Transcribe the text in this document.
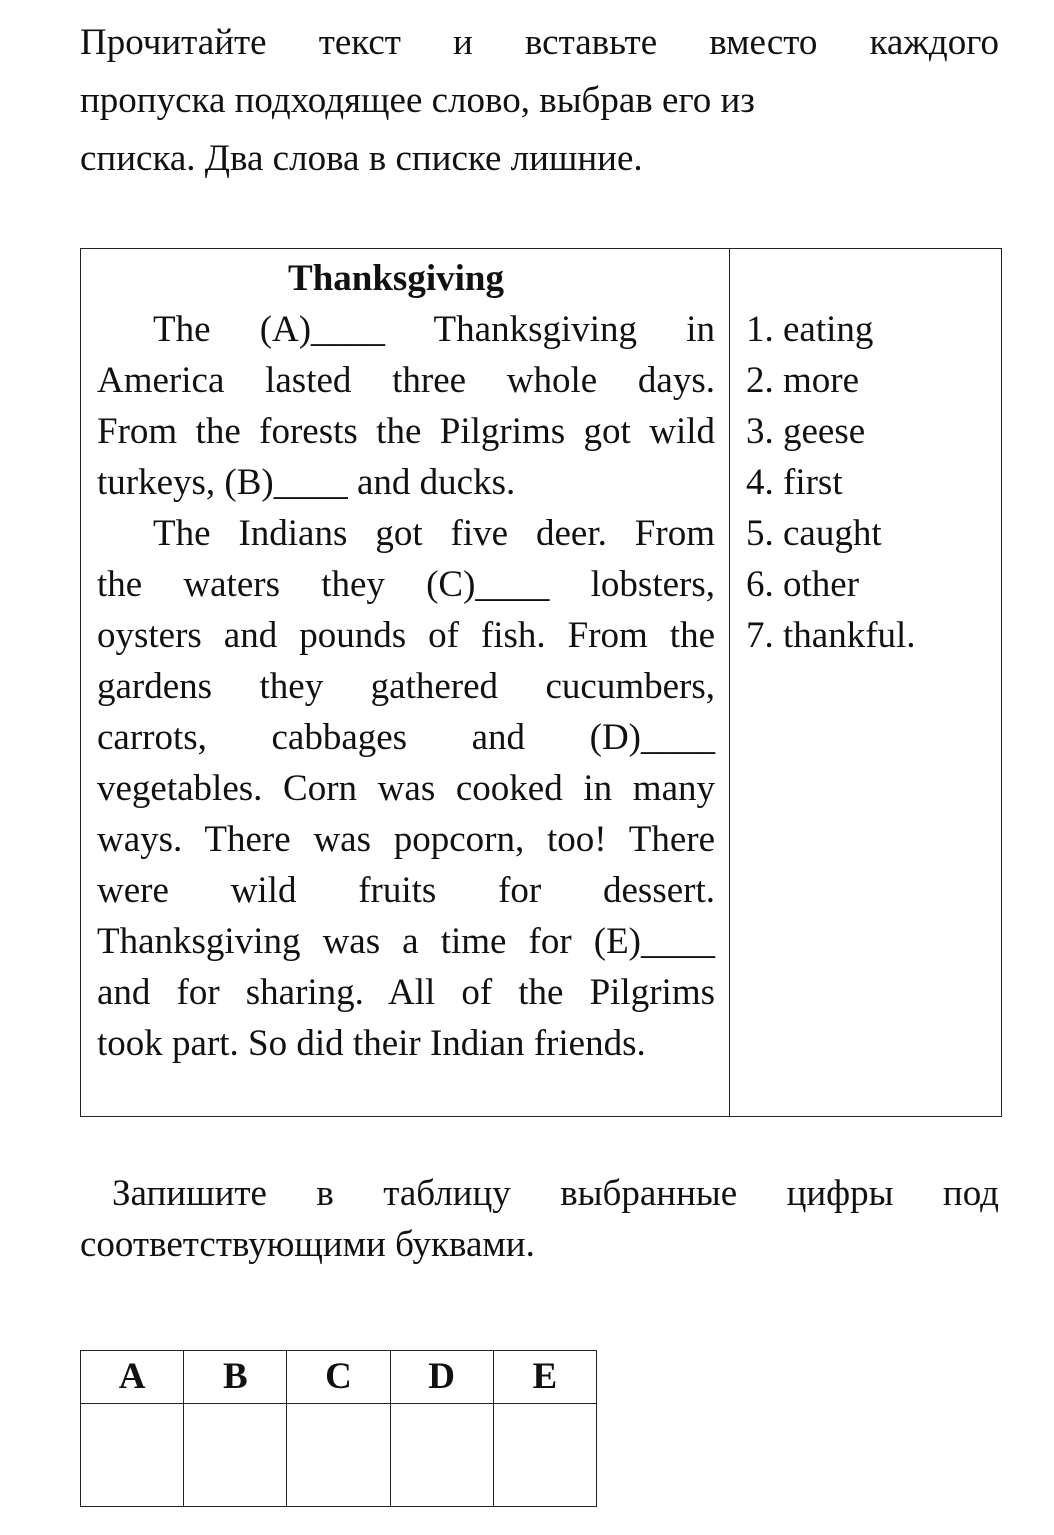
Прочитайте текст и вставьте вместо каждого
пропуска подходящее слово, выбрав его из
списка. Два слова в списке лишние.

Thanksgiving

The (A)____ Thanksgiving in
America lasted three whole days.
From the forests the Pilgrims got wild
turkeys, (B)____ and ducks.

The Indians got five deer. From
the waters they (C)____ lobsters,
oysters and pounds of fish. From the
gardens they gathered cucumbers,
carrots, cabbages and (D)____
vegetables. Corn was cooked in many
ways. There was popcorn, too! There
were wild fruits for dessert.
Thanksgiving was a time for (E)____
and for sharing. All of the Pilgrims
took part. So did their Indian friends.

1. eating
2. more
3. geese
4. first
5. caught
6. other
7. thankful.
Запишите в таблицу выбранные цифры под
соответствующими буквами.
A	B	C	D	E
